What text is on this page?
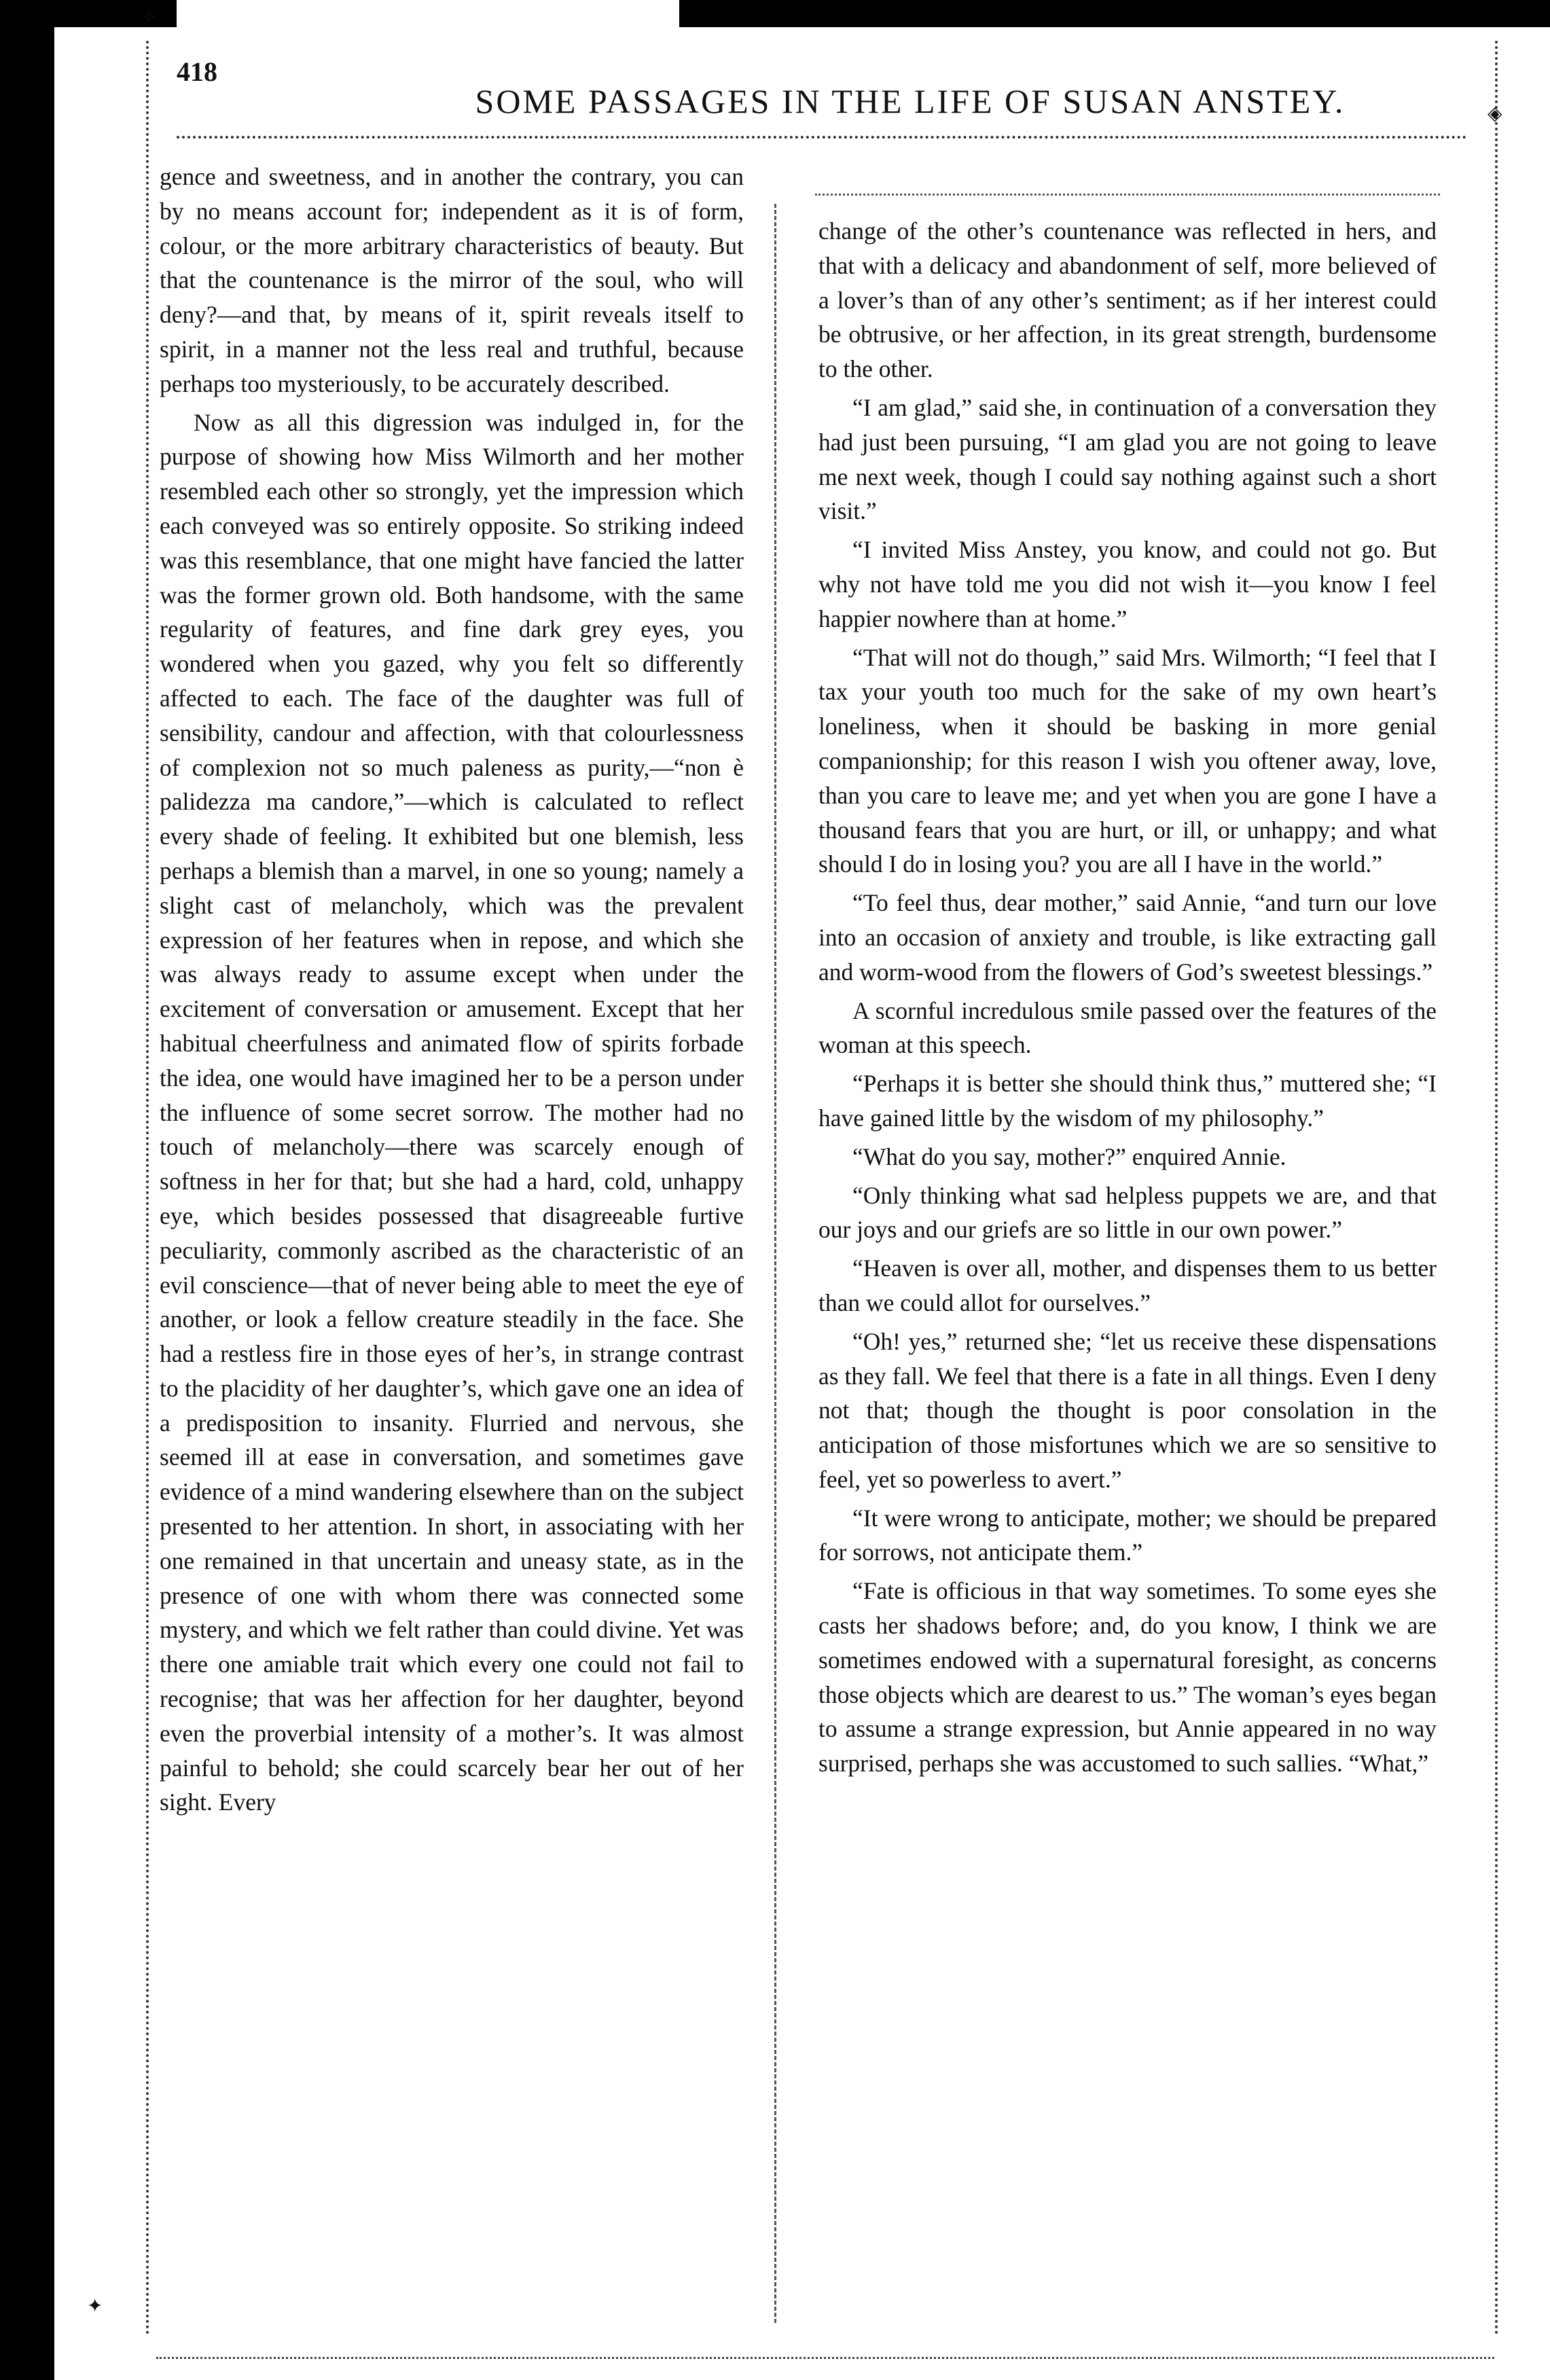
✧
◈
✦
418
SOME PASSAGES IN THE LIFE OF SUSAN ANSTEY.

gence and sweetness, and in another the contrary, you can by no means account for; independent as it is of form, colour, or the more arbitrary characteristics of beauty. But that the countenance is the mirror of the soul, who will deny?—and that, by means of it, spirit reveals itself to spirit, in a manner not the less real and truthful, because perhaps too mysteriously, to be accurately described.

Now as all this digression was indulged in, for the purpose of showing how Miss Wilmorth and her mother resembled each other so strongly, yet the impression which each conveyed was so entirely opposite. So striking indeed was this resemblance, that one might have fancied the latter was the former grown old. Both handsome, with the same regularity of features, and fine dark grey eyes, you wondered when you gazed, why you felt so differently affected to each. The face of the daughter was full of sensibility, candour and affection, with that colourlessness of complexion not so much paleness as purity,—“non è palidezza ma candore,”—which is calculated to reflect every shade of feeling. It exhibited but one blemish, less perhaps a blemish than a marvel, in one so young; namely a slight cast of melancholy, which was the prevalent expression of her features when in repose, and which she was always ready to assume except when under the excitement of conversation or amusement. Except that her habitual cheerfulness and animated flow of spirits forbade the idea, one would have imagined her to be a person under the influence of some secret sorrow. The mother had no touch of melancholy—there was scarcely enough of softness in her for that; but she had a hard, cold, unhappy eye, which besides possessed that disagreeable furtive peculiarity, commonly ascribed as the characteristic of an evil conscience—that of never being able to meet the eye of another, or look a fellow creature steadily in the face. She had a restless fire in those eyes of her’s, in strange contrast to the placidity of her daughter’s, which gave one an idea of a predisposition to insanity. Flurried and nervous, she seemed ill at ease in conversation, and sometimes gave evidence of a mind wandering elsewhere than on the subject presented to her attention. In short, in associating with her one remained in that uncertain and uneasy state, as in the presence of one with whom there was connected some mystery, and which we felt rather than could divine. Yet was there one amiable trait which every one could not fail to recognise; that was her affection for her daughter, beyond even the proverbial intensity of a mother’s. It was almost painful to behold; she could scarcely bear her out of her sight. Every

change of the other’s countenance was reflected in hers, and that with a delicacy and abandonment of self, more believed of a lover’s than of any other’s sentiment; as if her interest could be obtrusive, or her affection, in its great strength, burdensome to the other.

“I am glad,” said she, in continuation of a conversation they had just been pursuing, “I am glad you are not going to leave me next week, though I could say nothing against such a short visit.”

“I invited Miss Anstey, you know, and could not go. But why not have told me you did not wish it—you know I feel happier nowhere than at home.”

“That will not do though,” said Mrs. Wilmorth; “I feel that I tax your youth too much for the sake of my own heart’s loneliness, when it should be basking in more genial companionship; for this reason I wish you oftener away, love, than you care to leave me; and yet when you are gone I have a thousand fears that you are hurt, or ill, or unhappy; and what should I do in losing you? you are all I have in the world.”

“To feel thus, dear mother,” said Annie, “and turn our love into an occasion of anxiety and trouble, is like extracting gall and worm-wood from the flowers of God’s sweetest blessings.”

A scornful incredulous smile passed over the features of the woman at this speech.

“Perhaps it is better she should think thus,” muttered she; “I have gained little by the wisdom of my philosophy.”

“What do you say, mother?” enquired Annie.

“Only thinking what sad helpless puppets we are, and that our joys and our griefs are so little in our own power.”

“Heaven is over all, mother, and dispenses them to us better than we could allot for ourselves.”

“Oh! yes,” returned she; “let us receive these dispensations as they fall. We feel that there is a fate in all things. Even I deny not that; though the thought is poor consolation in the anticipation of those misfortunes which we are so sensitive to feel, yet so powerless to avert.”

“It were wrong to anticipate, mother; we should be prepared for sorrows, not anticipate them.”

“Fate is officious in that way sometimes. To some eyes she casts her shadows before; and, do you know, I think we are sometimes endowed with a supernatural foresight, as concerns those objects which are dearest to us.” The woman’s eyes began to assume a strange expression, but Annie appeared in no way surprised, perhaps she was accustomed to such sallies. “What,”
